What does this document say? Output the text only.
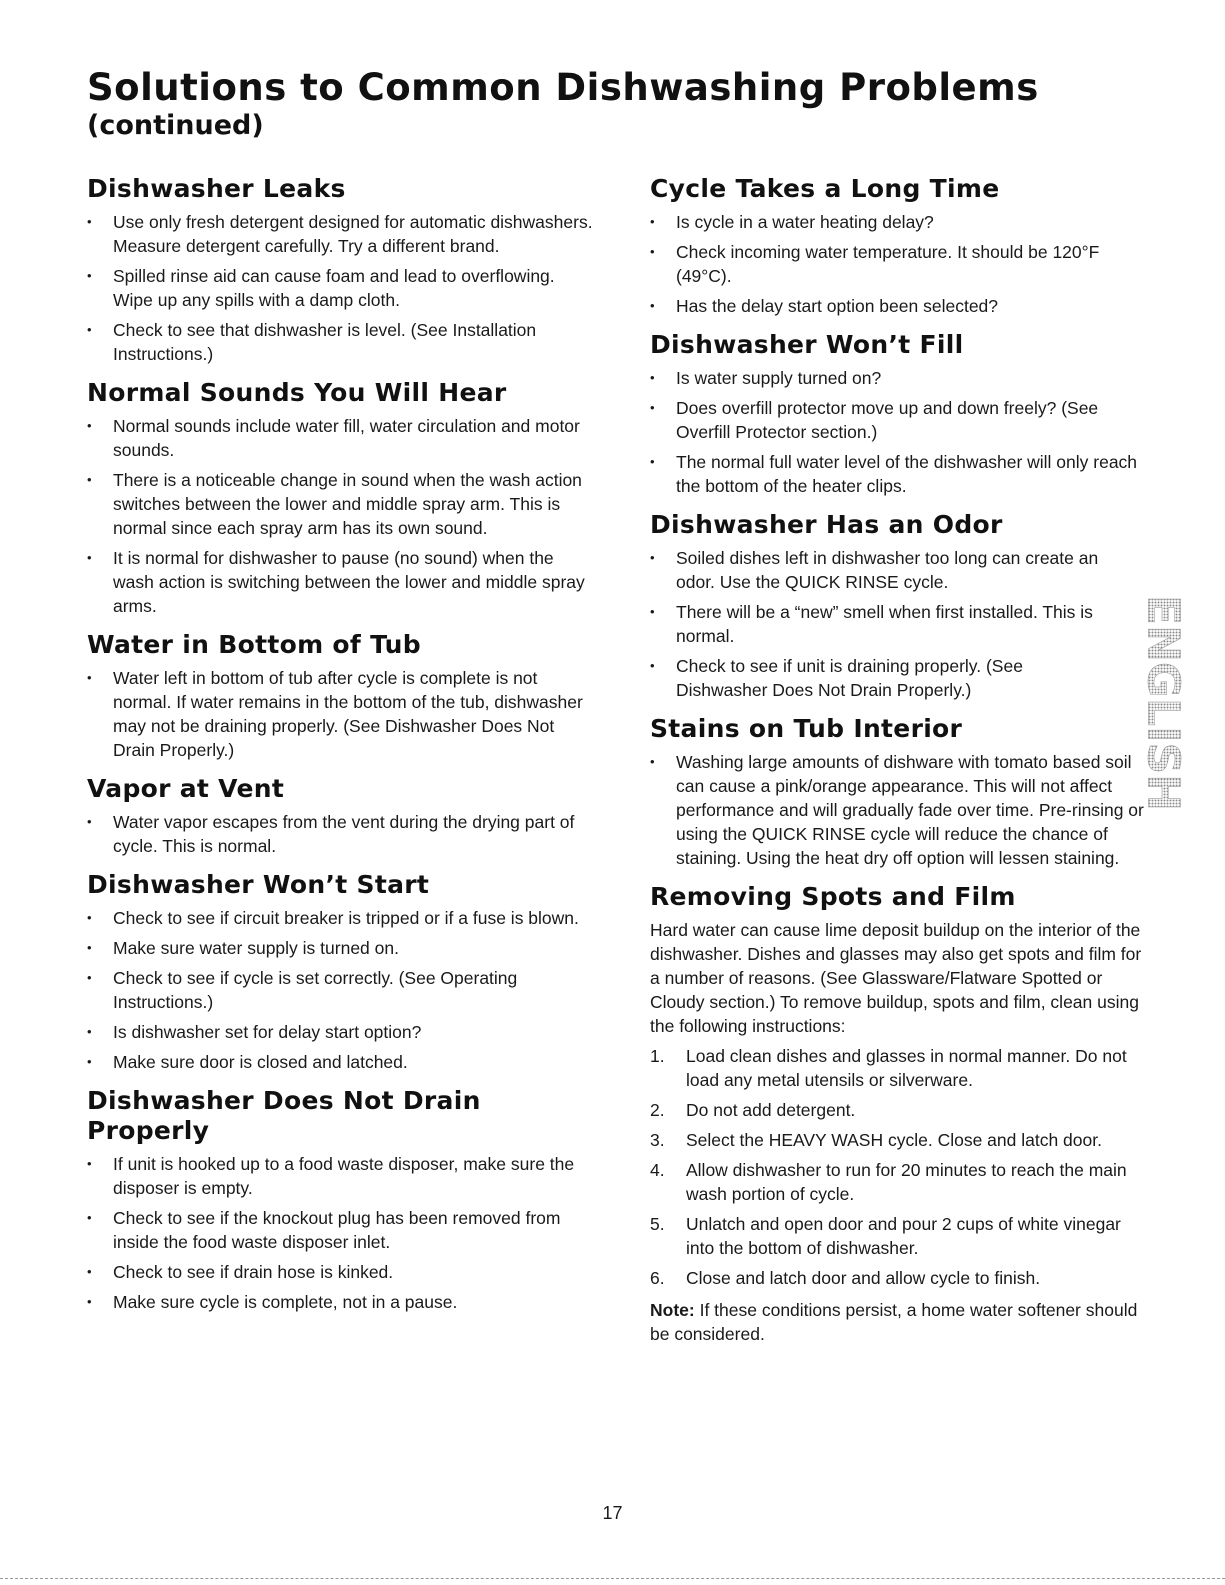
Solutions to Common Dishwashing Problems
(continued)
Dishwasher Leaks
• Use only fresh detergent designed for automatic dishwashers. Measure detergent carefully. Try a different brand.
• Spilled rinse aid can cause foam and lead to overflowing. Wipe up any spills with a damp cloth.
• Check to see that dishwasher is level. (See Installation Instructions.)
Normal Sounds You Will Hear
• Normal sounds include water fill, water circulation and motor sounds.
• There is a noticeable change in sound when the wash action switches between the lower and middle spray arm. This is normal since each spray arm has its own sound.
• It is normal for dishwasher to pause (no sound) when the wash action is switching between the lower and middle spray arms.
Water in Bottom of Tub
• Water left in bottom of tub after cycle is complete is not normal. If water remains in the bottom of the tub, dishwasher may not be draining properly. (See Dishwasher Does Not Drain Properly.)
Vapor at Vent
• Water vapor escapes from the vent during the drying part of cycle. This is normal.
Dishwasher Won’t Start
• Check to see if circuit breaker is tripped or if a fuse is blown.
• Make sure water supply is turned on.
• Check to see if cycle is set correctly. (See Operating Instructions.)
• Is dishwasher set for delay start option?
• Make sure door is closed and latched.
Dishwasher Does Not Drain Properly
• If unit is hooked up to a food waste disposer, make sure the disposer is empty.
• Check to see if the knockout plug has been removed from inside the food waste disposer inlet.
• Check to see if drain hose is kinked.
• Make sure cycle is complete, not in a pause.
Cycle Takes a Long Time
• Is cycle in a water heating delay?
• Check incoming water temperature. It should be 120°F (49°C).
• Has the delay start option been selected?
Dishwasher Won’t Fill
• Is water supply turned on?
• Does overfill protector move up and down freely? (See Overfill Protector section.)
• The normal full water level of the dishwasher will only reach the bottom of the heater clips.
Dishwasher Has an Odor
• Soiled dishes left in dishwasher too long can create an odor. Use the QUICK RINSE cycle.
• There will be a “new” smell when first installed. This is normal.
• Check to see if unit is draining properly. (See Dishwasher Does Not Drain Properly.)
Stains on Tub Interior
• Washing large amounts of dishware with tomato based soil can cause a pink/orange appearance. This will not affect performance and will gradually fade over time. Pre-rinsing or using the QUICK RINSE cycle will reduce the chance of staining. Using the heat dry off option will lessen staining.
Removing Spots and Film

Hard water can cause lime deposit buildup on the interior of the dishwasher. Dishes and glasses may also get spots and film for a number of reasons. (See Glassware/Flatware Spotted or Cloudy section.) To remove buildup, spots and film, clean using the following instructions:

1. Load clean dishes and glasses in normal manner. Do not load any metal utensils or silverware.
2. Do not add detergent.
3. Select the HEAVY WASH cycle. Close and latch door.
4. Allow dishwasher to run for 20 minutes to reach the main wash portion of cycle.
5. Unlatch and open door and pour 2 cups of white vinegar into the bottom of dishwasher.
6. Close and latch door and allow cycle to finish.

Note: If these conditions persist, a home water softener should be considered.

ENGLISH
17
